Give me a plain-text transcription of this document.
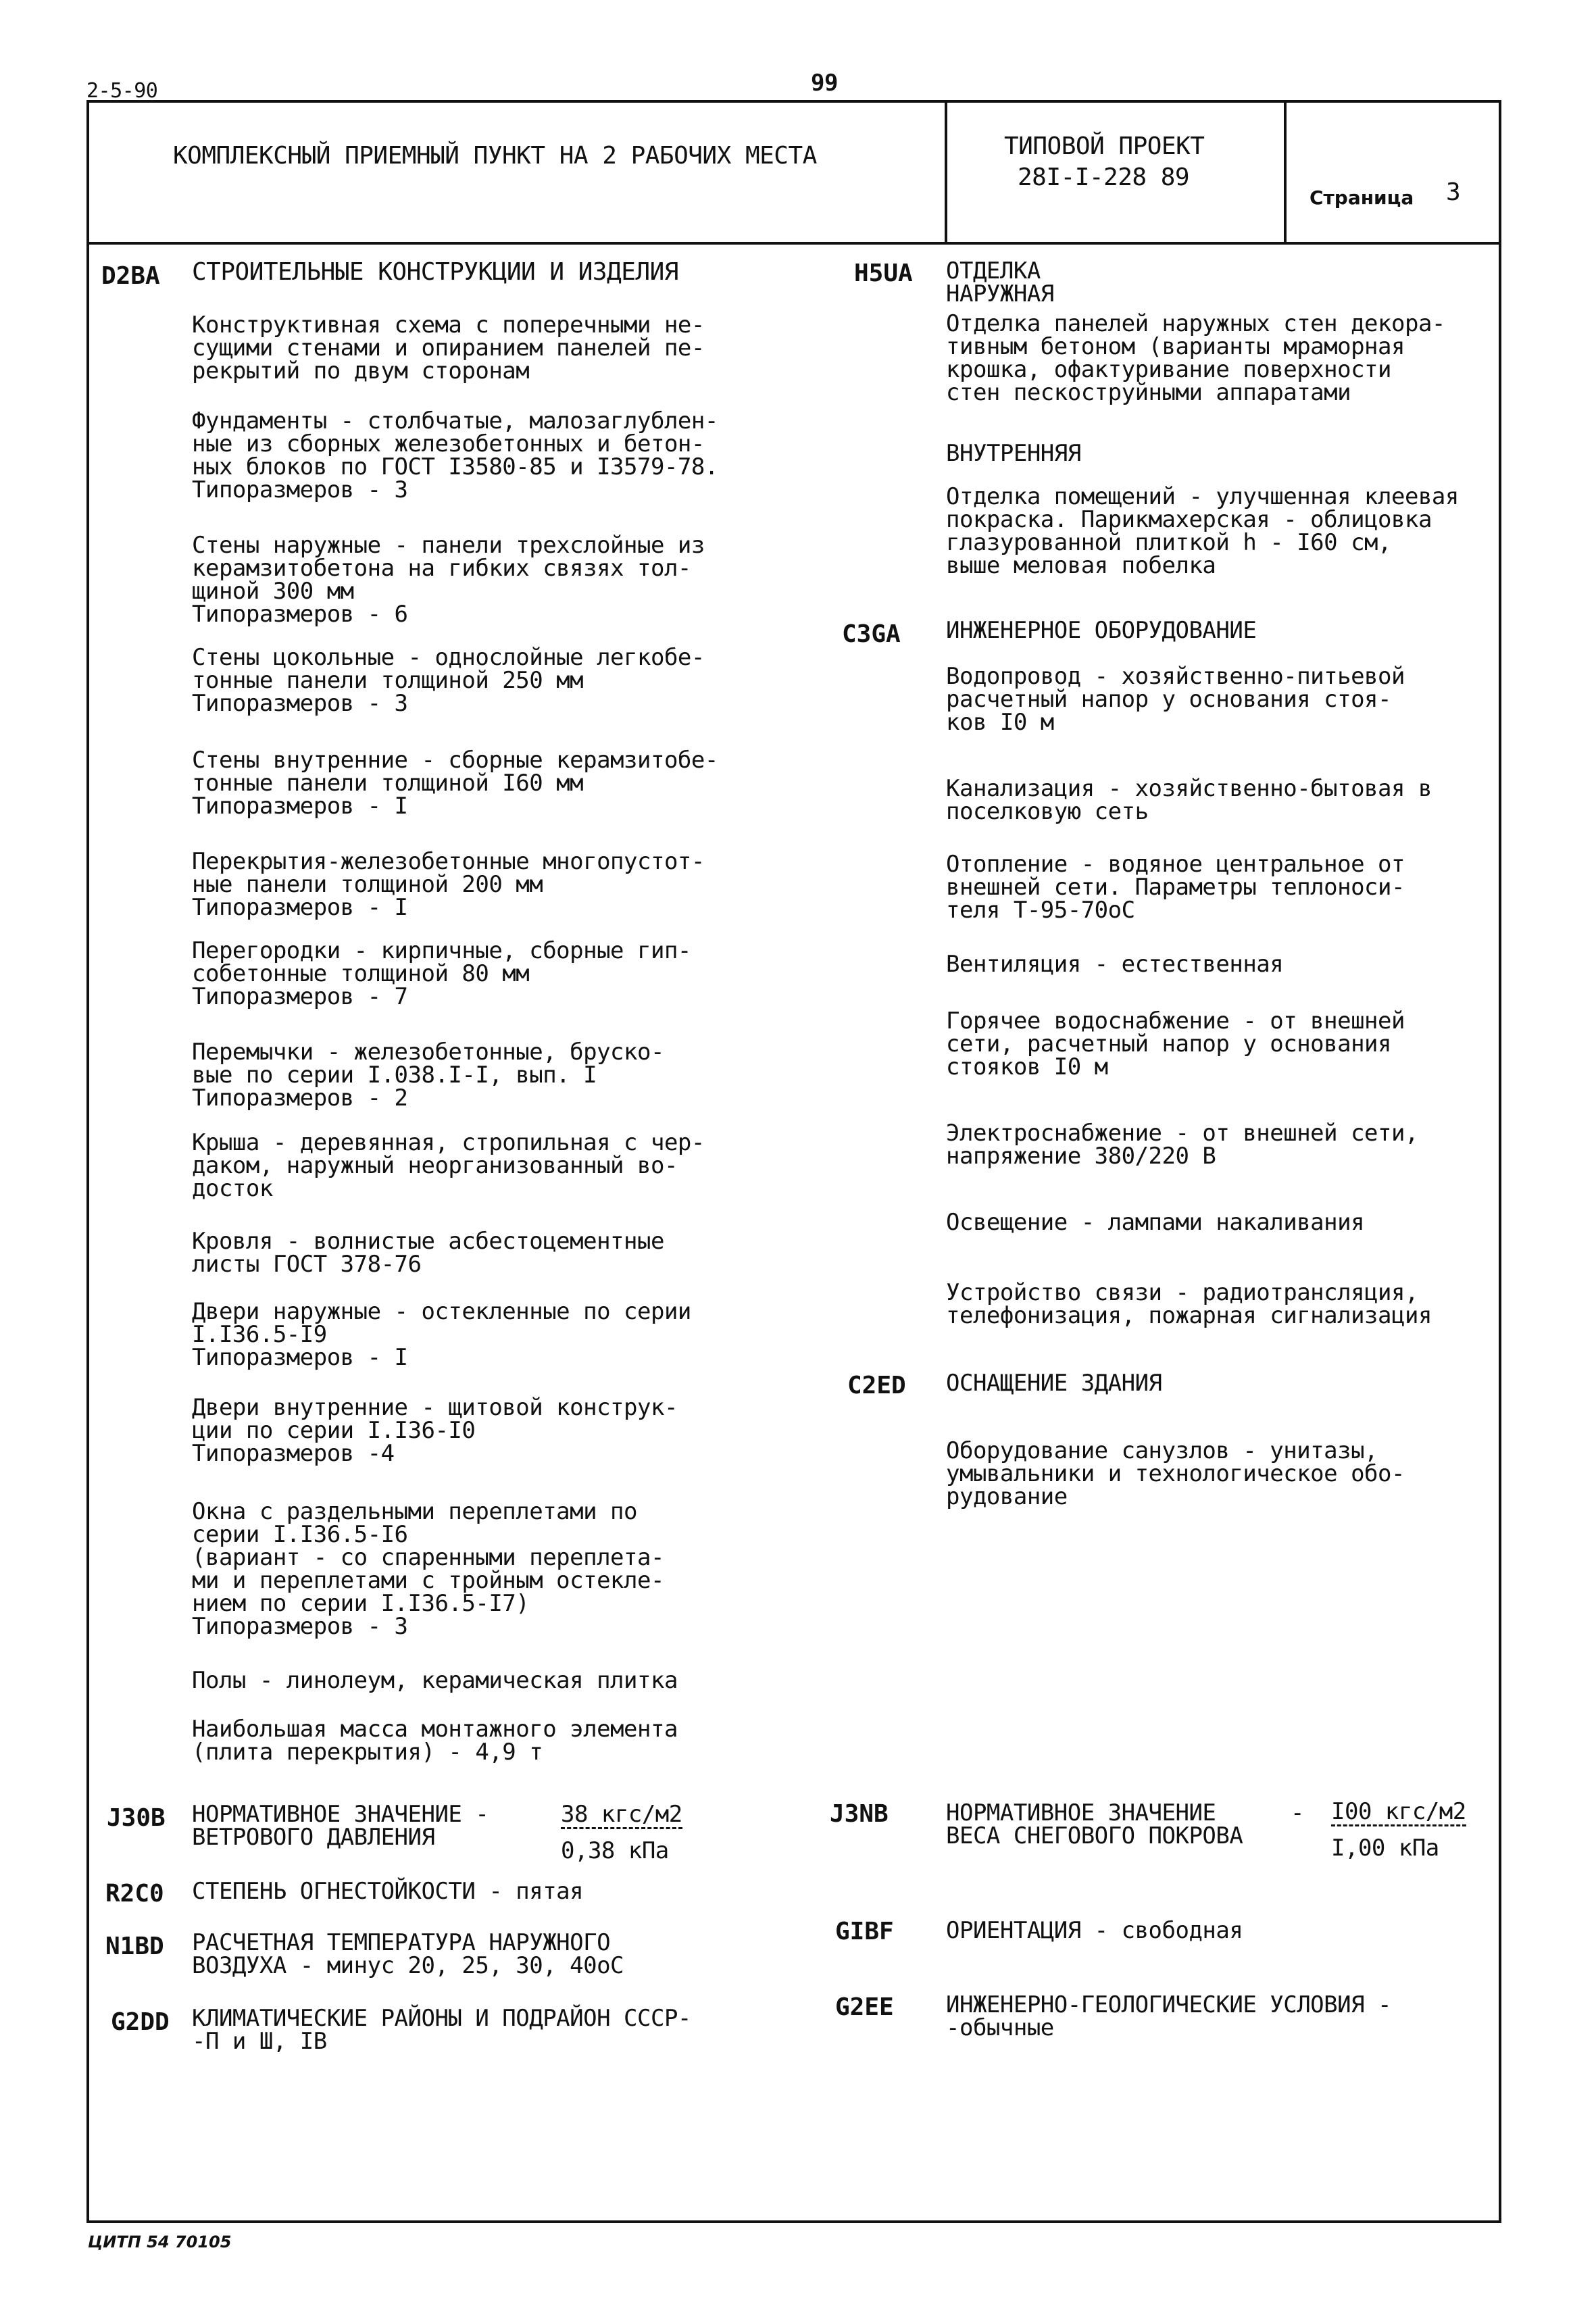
2-5-90	99
КОМПЛЕКСНЫЙ ПРИЕМНЫЙ ПУНКТ НА 2 РАБОЧИХ МЕСТА	ТИПОВОЙ ПРОЕКТ
28I-I-228 89
Страница 3
D2BA СТРОИТЕЛЬНЫЕ КОНСТРУКЦИИ И ИЗДЕЛИЯ
Конструктивная схема с поперечными не-
сущими стенами и опиранием панелей пе-
рекрытий по двум сторонам
Фундаменты - столбчатые, малозаглублен-
ные из сборных железобетонных и бетон-
ных блоков по ГОСТ I3580-85 и I3579-78.
Типоразмеров - 3
Стены наружные - панели трехслойные из
керамзитобетона на гибких связях тол-
щиной 300 мм
Типоразмеров - 6
Стены цокольные - однослойные легкобе-
тонные панели толщиной 250 мм
Типоразмеров - 3
Стены внутренние - сборные керамзитобе-
тонные панели толщиной I60 мм
Типоразмеров - I
Перекрытия-железобетонные многопустот-
ные панели толщиной 200 мм
Типоразмеров - I
Перегородки - кирпичные, сборные гип-
собетонные толщиной 80 мм
Типоразмеров - 7
Перемычки - железобетонные, бруско-
вые по серии I.038.I-I, вып. I
Типоразмеров - 2
Крыша - деревянная, стропильная с чер-
даком, наружный неорганизованный во-
досток
Кровля - волнистые асбестоцементные
листы ГОСТ 378-76
Двери наружные - остекленные по серии
I.I36.5-I9
Типоразмеров - I
Двери внутренние - щитовой конструк-
ции по серии I.I36-I0
Типоразмеров -4
Окна с раздельными переплетами по
серии I.I36.5-I6
(вариант - со спаренными переплета-
ми и переплетами с тройным остекле-
нием по серии I.I36.5-I7)
Типоразмеров - 3
Полы - линолеум, керамическая плитка
Наибольшая масса монтажного элемента
(плита перекрытия) - 4,9 т
H5UA ОТДЕЛКА
НАРУЖНАЯ
Отделка панелей наружных стен декора-
тивным бетоном (варианты мраморная
крошка, офактуривание поверхности
стен пескоструйными аппаратами
ВНУТРЕННЯЯ
Отделка помещений - улучшенная клеевая
покраска. Парикмахерская - облицовка
глазурованной плиткой h - I60 см,
выше меловая побелка
C3GA ИНЖЕНЕРНОЕ ОБОРУДОВАНИЕ
Водопровод - хозяйственно-питьевой
расчетный напор у основания стоя-
ков I0 м
Канализация - хозяйственно-бытовая в
поселковую сеть
Отопление - водяное центральное от
внешней сети. Параметры теплоноси-
теля Т-95-70оС
Вентиляция - естественная
Горячее водоснабжение - от внешней
сети, расчетный напор у основания
стояков I0 м
Электроснабжение - от внешней сети,
напряжение 380/220 В
Освещение - лампами накаливания
Устройство связи - радиотрансляция,
телефонизация, пожарная сигнализация
C2ED ОСНАЩЕНИЕ ЗДАНИЯ
Оборудование санузлов - унитазы,
умывальники и технологическое обо-
рудование
J30B НОРМАТИВНОЕ ЗНАЧЕНИЕ -
ВЕТРОВОГО ДАВЛЕНИЯ
38 кгс/м2
0,38 кПа
R2C0 СТЕПЕНЬ ОГНЕСТОЙКОСТИ - пятая
N1BD РАСЧЕТНАЯ ТЕМПЕРАТУРА НАРУЖНОГО
ВОЗДУХА - минус 20, 25, 30, 40оС
G2DD КЛИМАТИЧЕСКИЕ РАЙОНЫ И ПОДРАЙОН СССР-
-П и Ш, IВ
J3NB	НОРМАТИВНОЕ ЗНАЧЕНИЕ
ВЕСА СНЕГОВОГО ПОКРОВА
- I00 кгс/м2
I,00 кПа
GIBF ОРИЕНТАЦИЯ - свободная
G2EE ИНЖЕНЕРНО-ГЕОЛОГИЧЕСКИЕ УСЛОВИЯ -
-обычные
ЦИТП 54 70105
